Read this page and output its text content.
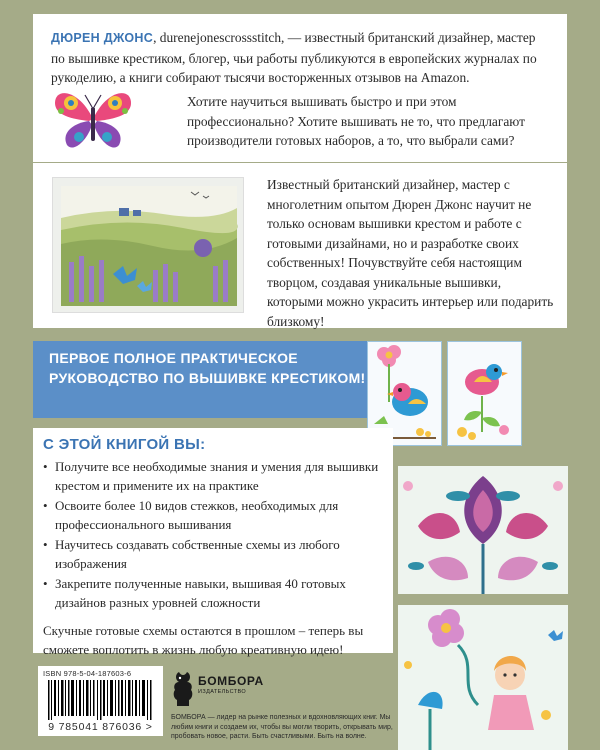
ДЮРЕН ДЖОНС, durenejonesсrossstitch, — известный британский дизайнер, мастер по вышивке крестиком, блогер, чьи работы публикуются в европейских журналах по рукоделию, а книги собирают тысячи восторженных отзывов на Amazon.

Хотите научиться вышивать быстро и при этом профессионально? Хотите вышивать не то, что предлагают производители готовых наборов, а то, что выбрали сами?

Известный британский дизайнер, мастер с многолетним опытом Дюрен Джонс научит не только основам вышивки крестом и работе с готовыми дизайнами, но и разработке своих собственных! Почувствуйте себя настоящим творцом, создавая уникальные вышивки, которыми можно украсить интерьер или подарить близкому!

ПЕРВОЕ ПОЛНОЕ ПРАКТИЧЕСКОЕ РУКОВОДСТВО ПО ВЫШИВКЕ КРЕСТИКОМ!

С ЭТОЙ КНИГОЙ ВЫ:
• Получите все необходимые знания и умения для вышивки крестом и примените их на практике
• Освоите более 10 видов стежков, необходимых для профессионального вышивания
• Научитесь создавать собственные схемы из любого изображения
• Закрепите полученные навыки, вышивая 40 готовых дизайнов разных уровней сложности

Скучные готовые схемы остаются в прошлом – теперь вы сможете воплотить в жизнь любую креативную идею!

ISBN 978-5-04-187603-6
9 785041 876036 >
БОМБОРА
ИЗДАТЕЛЬСТВО

БОМБОРА — лидер на рынке полезных и вдохновляющих книг. Мы любим книги и создаем их, чтобы вы могли творить, открывать мир, пробовать новое, расти. Быть счастливыми. Быть на волне.
